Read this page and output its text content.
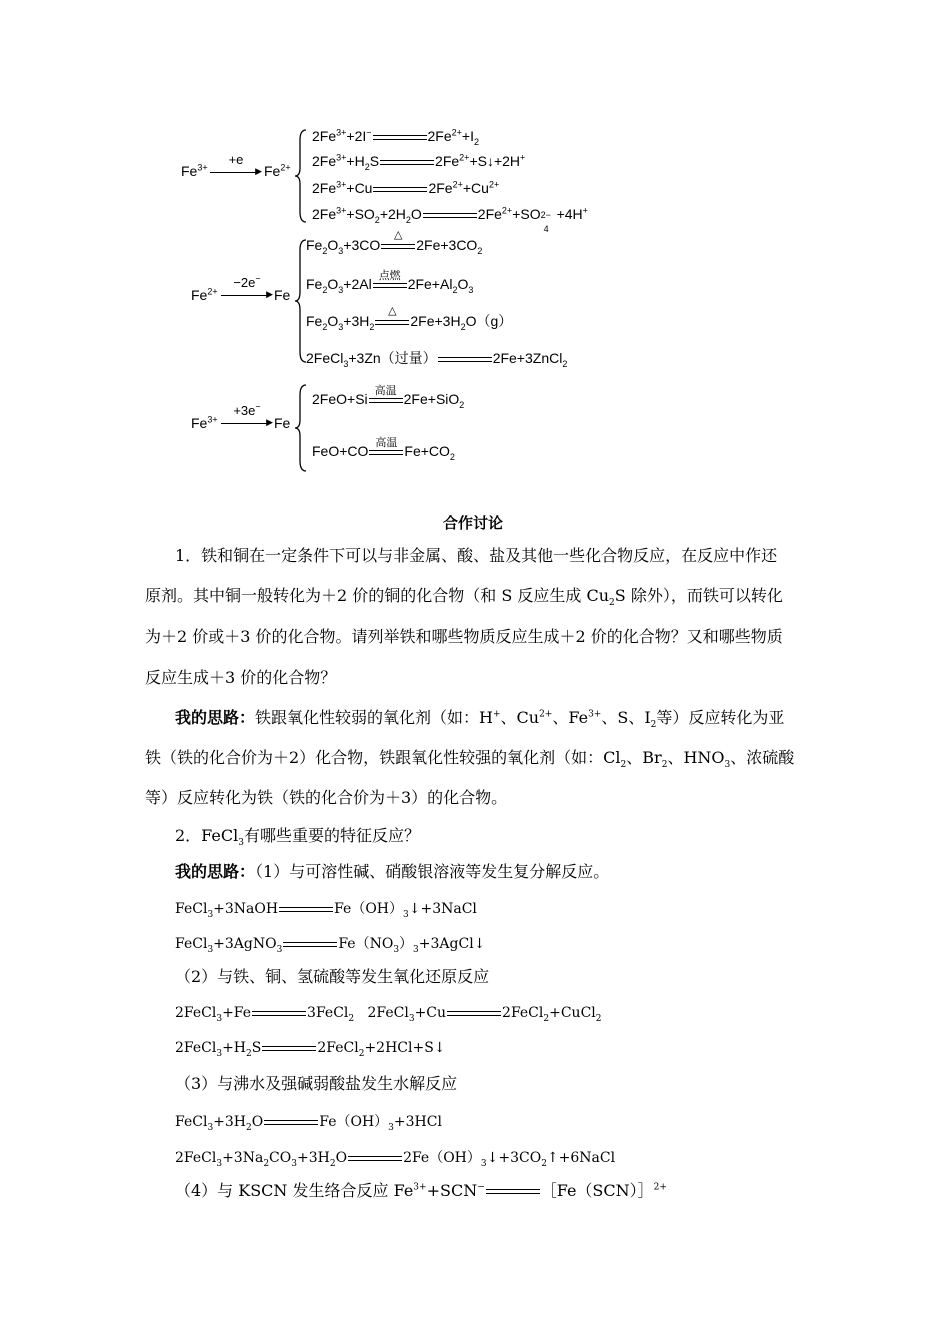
$Fe^{3+}$
+e
▶ $Fe^{2+}$
$2Fe^{3+}+2I^-$	$2Fe^{2+}+I_2$
$2Fe^{3+}+H_2S$	$2Fe^{2+}+S↓+2H^+$
$2Fe^{3+}+Cu$	$2Fe^{2+}+Cu^{2+}$
$2Fe^{3+}+SO_2+2H_2O$	$2Fe^{2+}+SO$ 2−
4
+4H+
$Fe^{2+}$
−2e−
▶ Fe
$Fe_2O_3+3CO$
△
$2Fe+3CO_2$
$Fe_2O_3+2Al$
点燃
$2Fe+Al_2O_3$
$Fe_2O_3+3H_2$
△
$2Fe+3H_2O(g)$
2FeCl$_3$+3Zn（过量）	2Fe+3ZnCl$_2$
$Fe^{3+}$
+3e−
▶ Fe
2FeO+Si
高温
2Fe+SiO$_2$
FeO+CO
高温
$Fe+CO_2$
合作讨论
1．铁和铜在一定条件下可以与非金属、酸、盐及其他一些化合物反应，在反应中作还
原剂。其中铜一般转化为＋2 价的铜的化合物（和 S 反应生成 $Cu_2S$ 除外），而铁可以转化
为＋2 价或＋3 价的化合物。请列举铁和哪些物质反应生成＋2 价的化合物？又和哪些物质
反应生成＋3 价的化合物？
我的思路：铁跟氧化性较弱的氧化剂（如：H+、$Cu^{2+}$、$Fe^{3+}$、S、$I_2$等）反应转化为亚
铁（铁的化合价为＋2）化合物，铁跟氧化性较强的氧化剂（如：$Cl_2$、$Br_2$、$HNO_3$、浓硫酸
等）反应转化为铁（铁的化合价为＋3）的化合物。
2．FeCl$_3$有哪些重要的特征反应？
我的思路：（1）与可溶性碱、硝酸银溶液等发生复分解反应。
FeCl$_3$+3NaOH	$Fe(OH)_3↓+3NaCl$
FeCl$_3$+3AgNO$_3$	$Fe(NO_3)_3+3AgCl↓$
（2）与铁、铜、氢硫酸等发生氧化还原反应
2FeCl$_3$+Fe	3FeCl$_2$ 2FeCl$_3$+Cu	2FeCl$_2$+CuCl$_2$
$2FeCl_3+H_2S$	2FeCl$_2$+2HCl+S↓
（3）与沸水及强碱弱酸盐发生水解反应
$FeCl_3+3H_2O$	$Fe(OH)_3+3HCl$
$2FeCl_3+3Na_2CO_3+3H_2O$	$2Fe(OH)_3↓+3CO_2↑+6NaCl$
（4）与 KSCN 发生络合反应 $Fe^{3+}+SCN^-$	［Fe（SCN）］$^{2+}$
